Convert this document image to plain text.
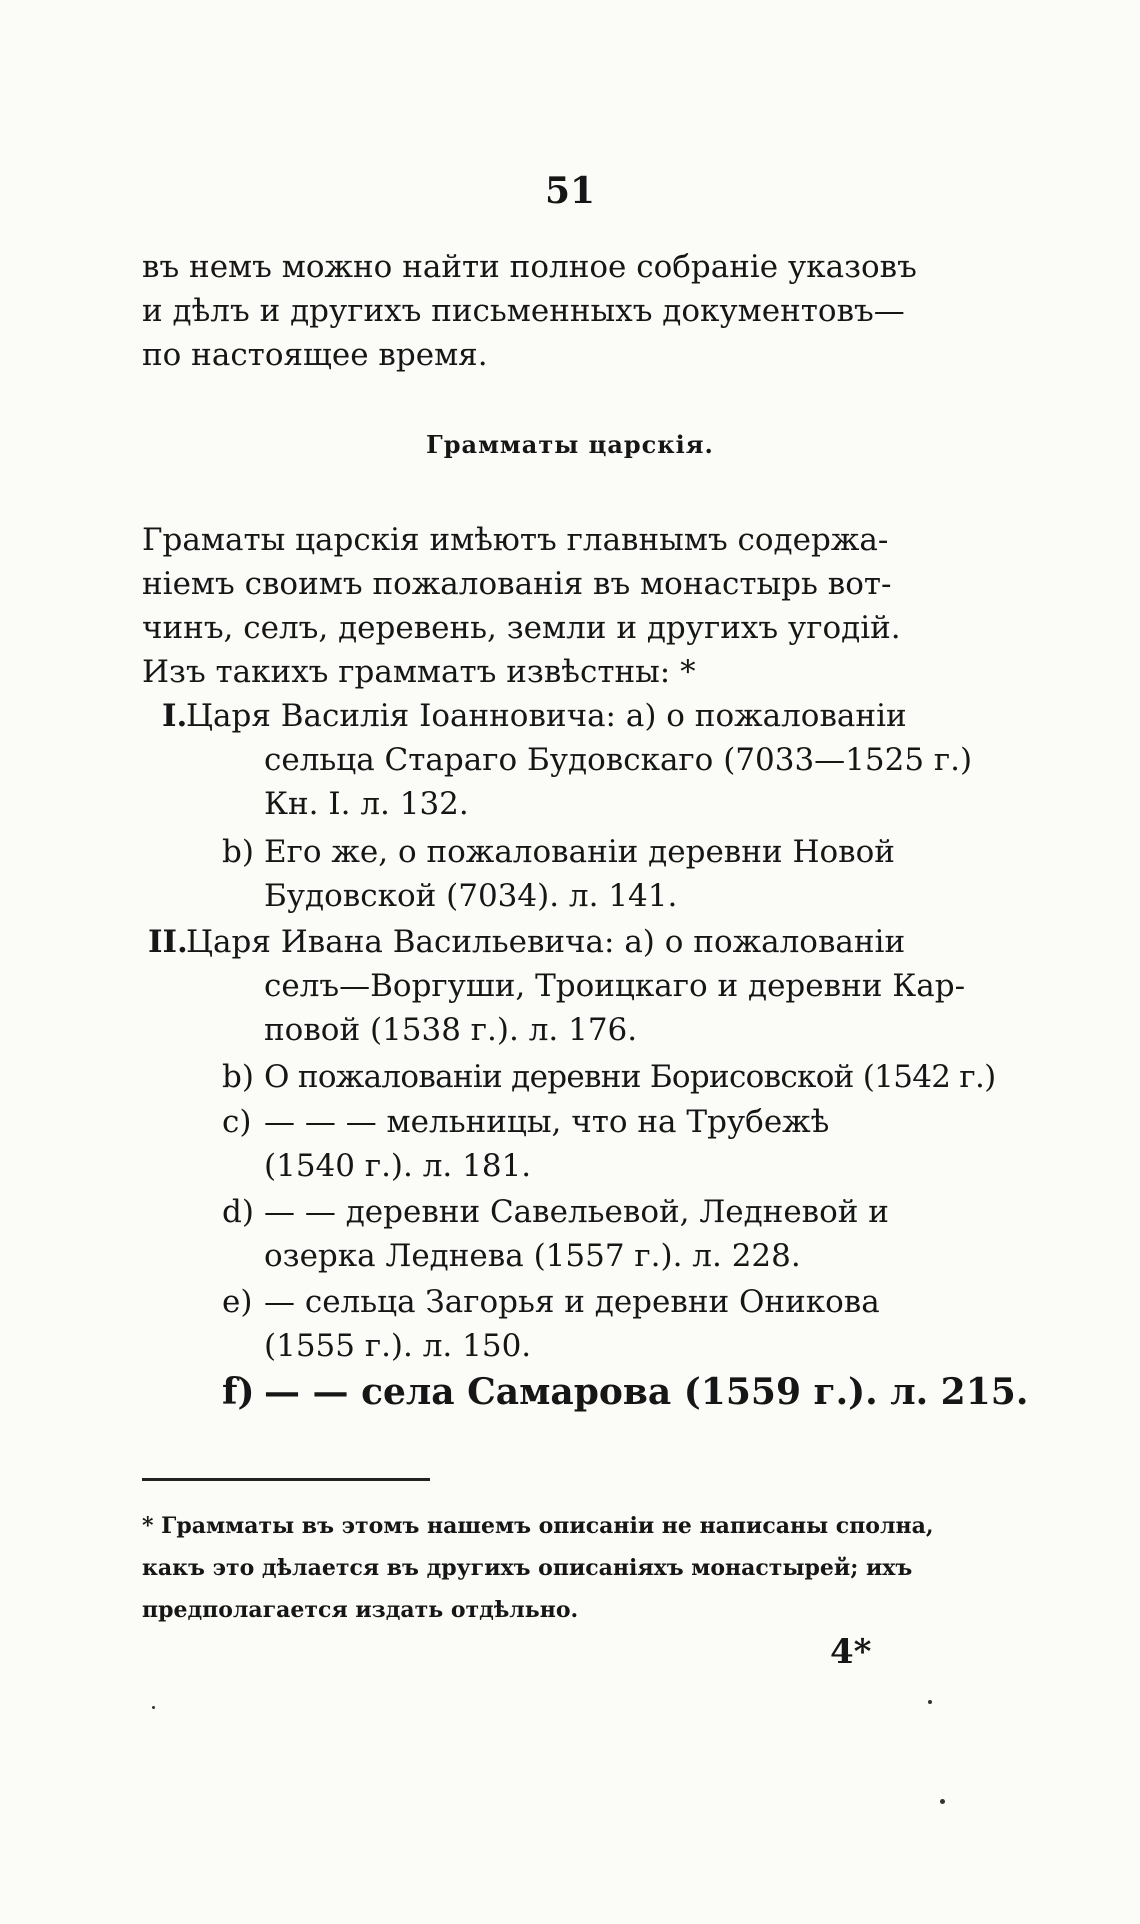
51
въ немъ можно найти полное собраніе указовъ
и дѣлъ и другихъ письменныхъ документовъ—
по настоящее время.
Грамматы царскія.
Граматы царскія имѣютъ главнымъ содержа-
ніемъ своимъ пожалованія въ монастырь вот-
чинъ, селъ, деревень, земли и другихъ угодій.
Изъ такихъ грамматъ извѣстны: *
I.
Царя Василія Іоанновича: а) о пожалованіи
сельца Стараго Будовскаго (7033—1525 г.)
Кн. I. л. 132.
b) Его же, о пожалованіи деревни Новой
Будовской (7034). л. 141.
II.
Царя Ивана Васильевича: а) о пожалованіи
селъ—Воргуши, Троицкаго и деревни Кар-
повой (1538 г.). л. 176.
b) О пожалованіи деревни Борисовской (1542 г.)
c) — — — мельницы, что на Трубежѣ
(1540 г.). л. 181.
d) — — деревни Савельевой, Ледневой и
озерка Леднева (1557 г.). л. 228.
e) — сельца Загорья и деревни Оникова
(1555 г.). л. 150.
f) — — села Самарова (1559 г.). л. 215.
* Грамматы въ этомъ нашемъ описаніи не написаны сполна,
какъ это дѣлается въ другихъ описаніяхъ монастырей; ихъ
предполагается издать отдѣльно.
4*
